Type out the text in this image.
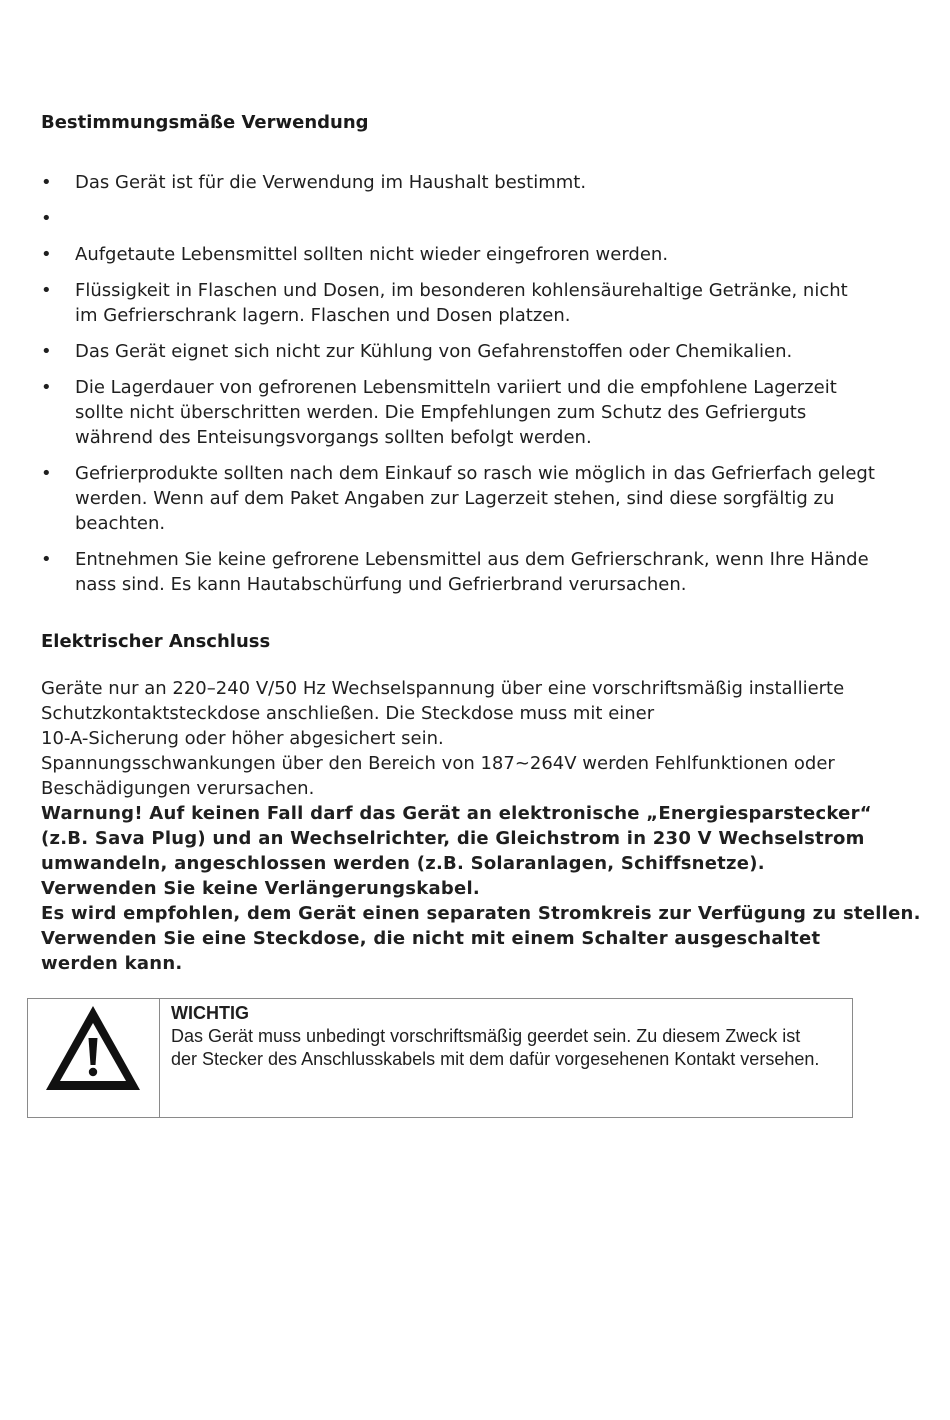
Bestimmungsmäße Verwendung
• Das Gerät ist für die Verwendung im Haushalt bestimmt.
•
• Aufgetaute Lebensmittel sollten nicht wieder eingefroren werden.
• Flüssigkeit in Flaschen und Dosen, im besonderen kohlensäurehaltige Getränke, nicht im Gefrierschrank lagern. Flaschen und Dosen platzen.
• Das Gerät eignet sich nicht zur Kühlung von Gefahrenstoffen oder Chemikalien.
• Die Lagerdauer von gefrorenen Lebensmitteln variiert und die empfohlene Lagerzeit sollte nicht überschritten werden. Die Empfehlungen zum Schutz des Gefrierguts während des Enteisungsvorgangs sollten befolgt werden.
• Gefrierprodukte sollten nach dem Einkauf so rasch wie möglich in das Gefrierfach gelegt werden. Wenn auf dem Paket Angaben zur Lagerzeit stehen, sind diese sorgfältig zu beachten.
• Entnehmen Sie keine gefrorene Lebensmittel aus dem Gefrierschrank, wenn Ihre Hände nass sind. Es kann Hautabschürfung und Gefrierbrand verursachen.
Elektrischer Anschluss

Geräte nur an 220–240 V/50 Hz Wechselspannung über eine vorschriftsmäßig installierte

Schutzkontaktsteckdose anschließen. Die Steckdose muss mit einer

10-A-Sicherung oder höher abgesichert sein.

Spannungsschwankungen über den Bereich von 187~264V werden Fehlfunktionen oder Beschädigungen verursachen.

Warnung! Auf keinen Fall darf das Gerät an elektronische „Energiesparstecker“ (z.B. Sava Plug) und an Wechselrichter, die Gleichstrom in 230 V Wechselstrom umwandeln, angeschlossen werden (z.B. Solaranlagen, Schiffsnetze).

Verwenden Sie keine Verlängerungskabel.

Es wird empfohlen, dem Gerät einen separaten Stromkreis zur Verfügung zu stellen.

Verwenden Sie eine Steckdose, die nicht mit einem Schalter ausgeschaltet werden kann.

WICHTIG
Das Gerät muss unbedingt vorschriftsmäßig geerdet sein. Zu diesem Zweck ist der Stecker des Anschlusskabels mit dem dafür vorgesehenen Kontakt versehen.
